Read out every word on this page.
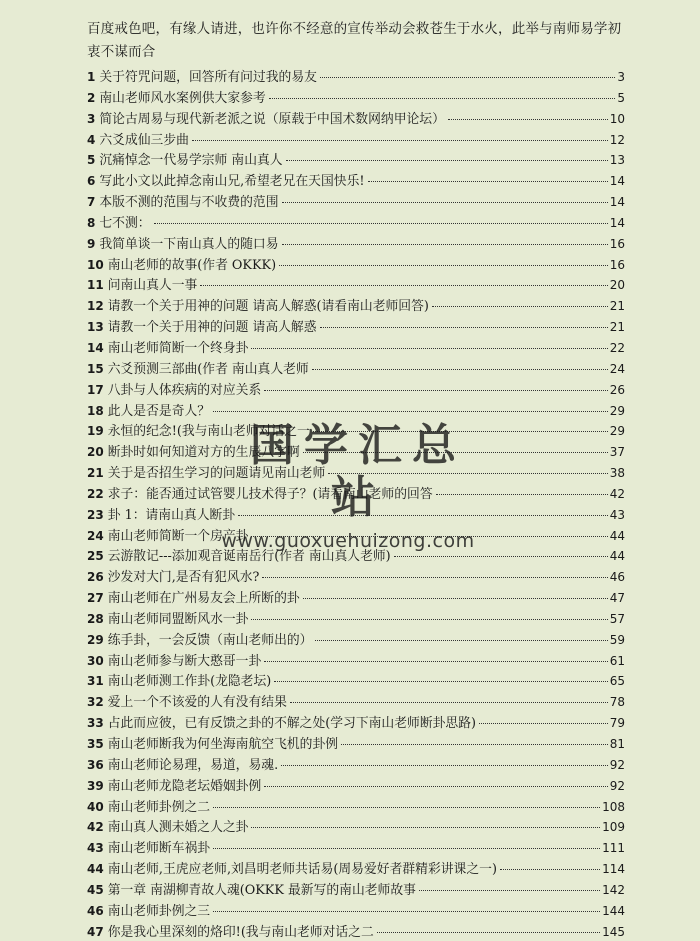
百度戒色吧，有缘人请进，也许你不经意的宣传举动会救苍生于水火，此举与南师易学初衷不谋而合

1 关于符咒问题，回答所有问过我的易友	3
2 南山老师风水案例供大家参考	5
3 简论古周易与现代新老派之说（原载于中国术数网纳甲论坛）	10
4 六爻成仙三步曲	12
5 沉痛悼念一代易学宗师 南山真人	13
6 写此小文以此掉念南山兄,希望老兄在天国快乐!	14
7 本版不测的范围与不收费的范围	14
8 七不测：	14
9 我简单谈一下南山真人的随口易	16
10 南山老师的故事(作者 OKKK)	16
11 问南山真人一事	20
12 请教一个关于用神的问题 请高人解惑(请看南山老师回答)	21
13 请教一个关于用神的问题 请高人解惑	21
14 南山老师简断一个终身卦	22
15 六爻预测三部曲(作者 南山真人老师	24
17 八卦与人体疾病的对应关系	26
18 此人是否是奇人？	29
19 永恒的纪念!(我与南山老师对话之一	29
20 断卦时如何知道对方的生辰八字啊	37
21 关于是否招生学习的问题请见南山老师	38
22 求子：能否通过试管婴儿技术得子？(请看南山老师的回答	42
23 卦 1：请南山真人断卦	43
24 南山老师简断一个房产卦	44
25 云游散记---添加观音诞南岳行(作者 南山真人老师)	44
26 沙发对大门,是否有犯风水?	46
27 南山老师在广州易友会上所断的卦	47
28 南山老师同盟断风水一卦	57
29 练手卦，一会反馈（南山老师出的）	59
30 南山老师参与断大憨哥一卦	61
31 南山老师测工作卦(龙隐老坛)	65
32 爱上一个不该爱的人有没有结果	78
33 占此而应彼，已有反馈之卦的不解之处(学习下南山老师断卦思路)	79
35 南山老师断我为何坐海南航空飞机的卦例	81
36 南山老师论易理，易道，易魂.	92
39 南山老师龙隐老坛婚姻卦例	92
40 南山老师卦例之二	108
42 南山真人测未婚之人之卦	109
43 南山老师断车祸卦	111
44 南山老师,王虎应老师,刘昌明老师共话易(周易爱好者群精彩讲课之一)	114
45 第一章 南湖柳青故人魂(OKKK 最新写的南山老师故事	142
46 南山老师卦例之三	144
47 你是我心里深刻的烙印!(我与南山老师对话之二	145
国学汇总站
www.guoxuehuizong.com
